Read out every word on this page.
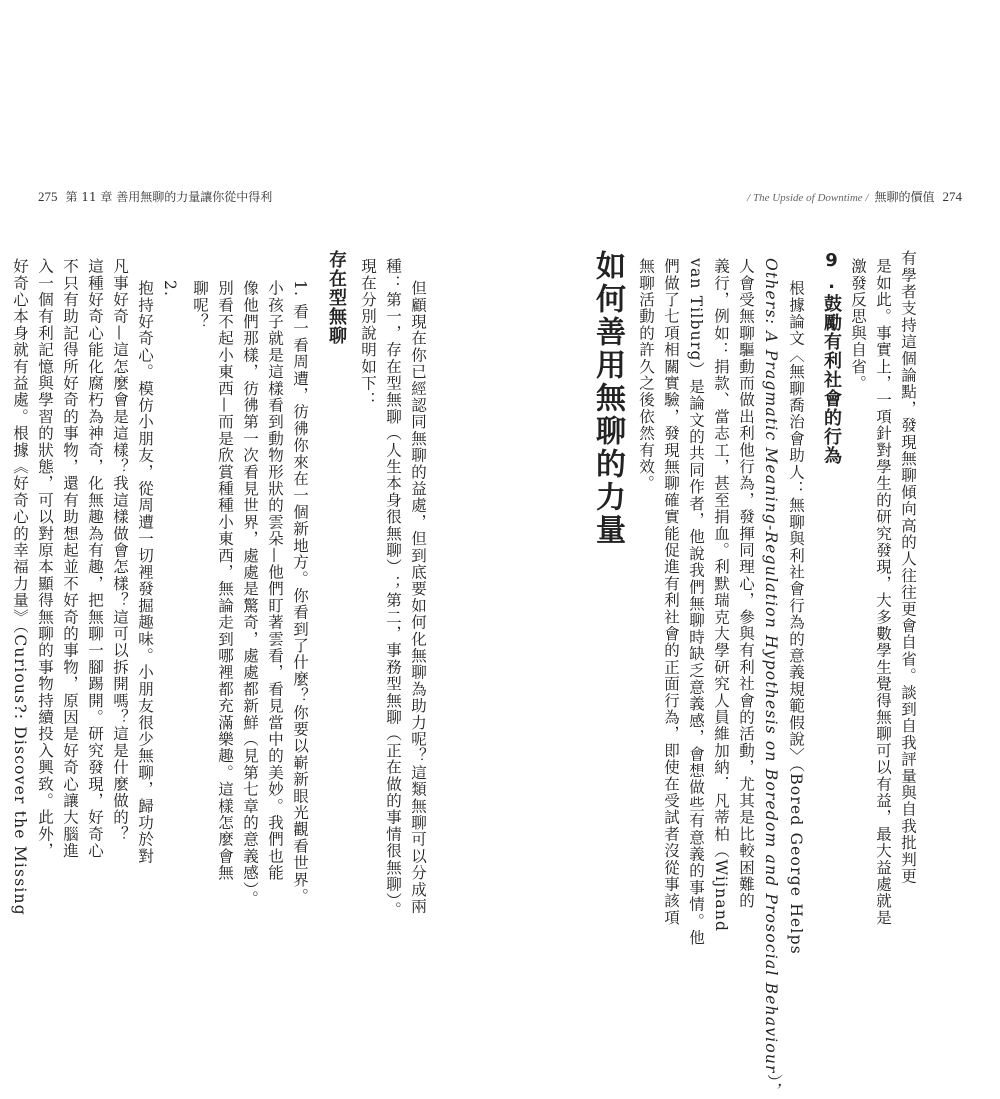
275 第 11 章 善用無聊的力量讓你從中得利	/ The Upside of Downtime / 無聊的價值 274
有學者支持這個論點，發現無聊傾向高的人往往更會自省。談到自我評量與自我批判更
是如此。事實上，一項針對學生的研究發現，大多數學生覺得無聊可以有益，最大益處就是
激發反思與自省。
9.鼓勵有利社會的行為
根據論文〈無聊喬治會助人：無聊與利社會行為的意義規範假說〉（Bored George Helps
Others: A Pragmatic Meaning-Regulation Hypothesis on Boredom and Prosocial Behaviour），
人會受無聊驅動而做出利他行為，發揮同理心，參與有利社會的活動，尤其是比較困難的
義行，例如：捐款、當志工，甚至捐血。利默瑞克大學研究人員維加納．凡蒂柏（Wijnand
van Tilburg）是論文的共同作者，他說我們無聊時缺乏意義感，會想做些有意義的事情。他
們做了七項相關實驗，發現無聊確實能促進有利社會的正面行為，即使在受試者沒從事該項
無聊活動的許久之後依然有效。
如何善用無聊的力量
但顧現在你已經認同無聊的益處，但到底要如何化無聊為助力呢？這類無聊可以分成兩
種：第一，存在型無聊（人生本身很無聊）；第二，事務型無聊（正在做的事情很無聊）。
現在分別說明如下：
存在型無聊
1. 看一看周遭，彷彿你來在一個新地方。你看到了什麼？你要以嶄新眼光觀看世界。
小孩子就是這樣看到動物形狀的雲朵—他們盯著雲看，看見當中的美妙。我們也能
像他們那樣，彷彿第一次看見世界，處處是驚奇，處處都新鮮（見第七章的意義感）。
別看不起小東西—而是欣賞種種小東西，無論走到哪裡都充滿樂趣。這樣怎麼會無
聊呢？
2.
抱持好奇心。模仿小朋友，從周遭一切裡發掘趣味。小朋友很少無聊，歸功於對
凡事好奇—這怎麼會是這樣？我這樣做會怎樣？這可以拆開嗎？這是什麼做的？
這種好奇心能化腐朽為神奇，化無趣為有趣，把無聊一腳踢開。研究發現，好奇心
不只有助記得所好奇的事物，還有助想起並不好奇的事物，原因是好奇心讓大腦進
入一個有利記憶與學習的狀態，可以對原本顯得無聊的事物持續投入興致。此外，
好奇心本身就有益處。根據《好奇心的幸福力量》（Curious?: Discover the Missing
